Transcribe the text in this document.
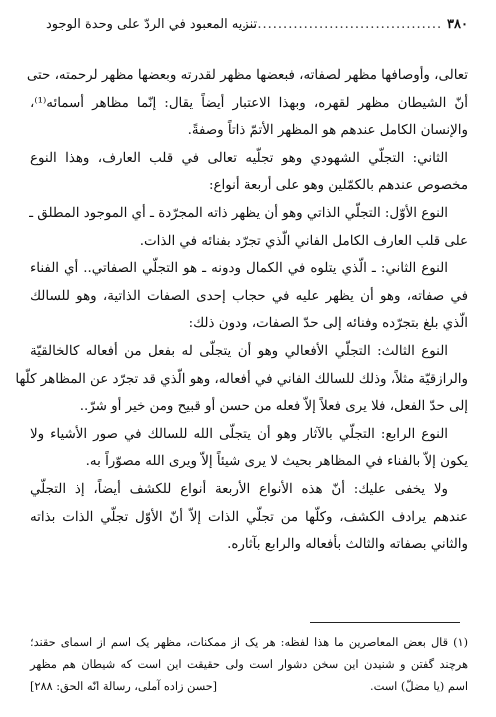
٣٨٠
.......................................
تنزيه المعبود في الردّ على وحدة الوجود
تعالى، وأوصافها مظهر لصفاته، فبعضها مظهر لقدرته وبعضها مظهر لرحمته، حتى
أنّ الشيطان مظهر لقهره، وبهذا الاعتبار أيضاً يقال: إنّما مظاهر أسمائه⁽¹⁾،
والإنسان الكامل عندهم هو المظهر الأتمّ ذاتاً وصفةً.
الثاني: التجلّي الشهودي وهو تجلّيه تعالى في قلب العارف، وهذا النوع
مخصوص عندهم بالكمّلين وهو على أربعة أنواع:
النوع الأوّل: التجلّي الذاتي وهو أن يظهر ذاته المجرّدة ـ أي الموجود المطلق ـ
على قلب العارف الكامل الفاني الّذي تجرّد بفنائه في الذات.
النوع الثاني: ـ الّذي يتلوه في الكمال ودونه ـ هو التجلّي الصفاتي.. أي الفناء
في صفاته، وهو أن يظهر عليه في حجاب إحدى الصفات الذاتية، وهو للسالك
الّذي بلغ بتجرّده وفنائه إلى حدّ الصفات، ودون ذلك:
النوع الثالث: التجلّي الأفعالي وهو أن يتجلّى له بفعل من أفعاله كالخالقيّة
والرازقيّة مثلاً، وذلك للسالك الفاني في أفعاله، وهو الّذي قد تجرّد عن المظاهر كلّها
إلى حدّ الفعل، فلا يرى فعلاً إلاّ فعله من حسن أو قبيح ومن خير أو شرّ..
النوع الرابع: التجلّي بالآثار وهو أن يتجلّى الله للسالك في صور الأشياء ولا
يكون إلاّ بالفناء في المظاهر بحيث لا يرى شيئاً إلاّ ويرى الله مصوّراً به.
ولا يخفى عليك: أنّ هذه الأنواع الأربعة أنواع للكشف أيضاً، إذ التجلّي
عندهم يرادف الكشف، وكلّها من تجلّي الذات إلاّ أنّ الأوّل تجلّي الذات بذاته
والثاني بصفاته والثالث بأفعاله والرابع بآثاره.
(١) قال بعض المعاصرين ما هذا لفظه: هر يک از ممکنات، مظهر يک اسم از اسماى حقند؛
هرچند گفتن و شنيدن اين سخن دشوار است ولى حقيقت اين است كه شيطان هم مظهر
اسم (يا مضلّ) است.
[حسن زاده آملى، رسالة انّه الحق: ٢٨٨]
